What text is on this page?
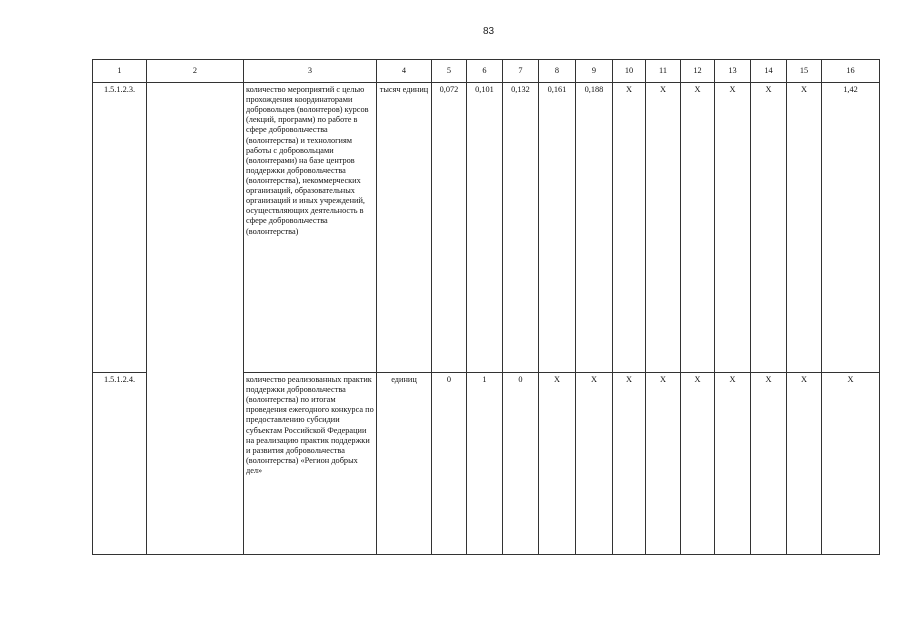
83
1	2	3	4	5	6	7	8	9	10	11	12	13	14	15	16
1.5.1.2.3.		количество мероприятий с целью прохождения координаторами добровольцев (волонтеров) курсов (лекций, программ) по работе в сфере добровольчества (волонтерства) и технологиям работы с добровольцами (волонтерами) на базе центров поддержки добровольчества (волонтерства), некоммерческих организаций, образовательных организаций и иных учреждений, осуществляющих деятельность в сфере добровольчества (волонтерства)	тысяч единиц	0,072	0,101	0,132	0,161	0,188	X	X	X	X	X	X	1,42
1.5.1.2.4.		количество реализованных практик поддержки добровольчества (волонтерства) по итогам проведения ежегодного конкурса по предоставлению субсидии субъектам Российской Федерации на реализацию практик поддержки и развития добровольчества (волонтерства) «Регион добрых дел»	единиц	0	1	0	X	X	X	X	X	X	X	X	X
